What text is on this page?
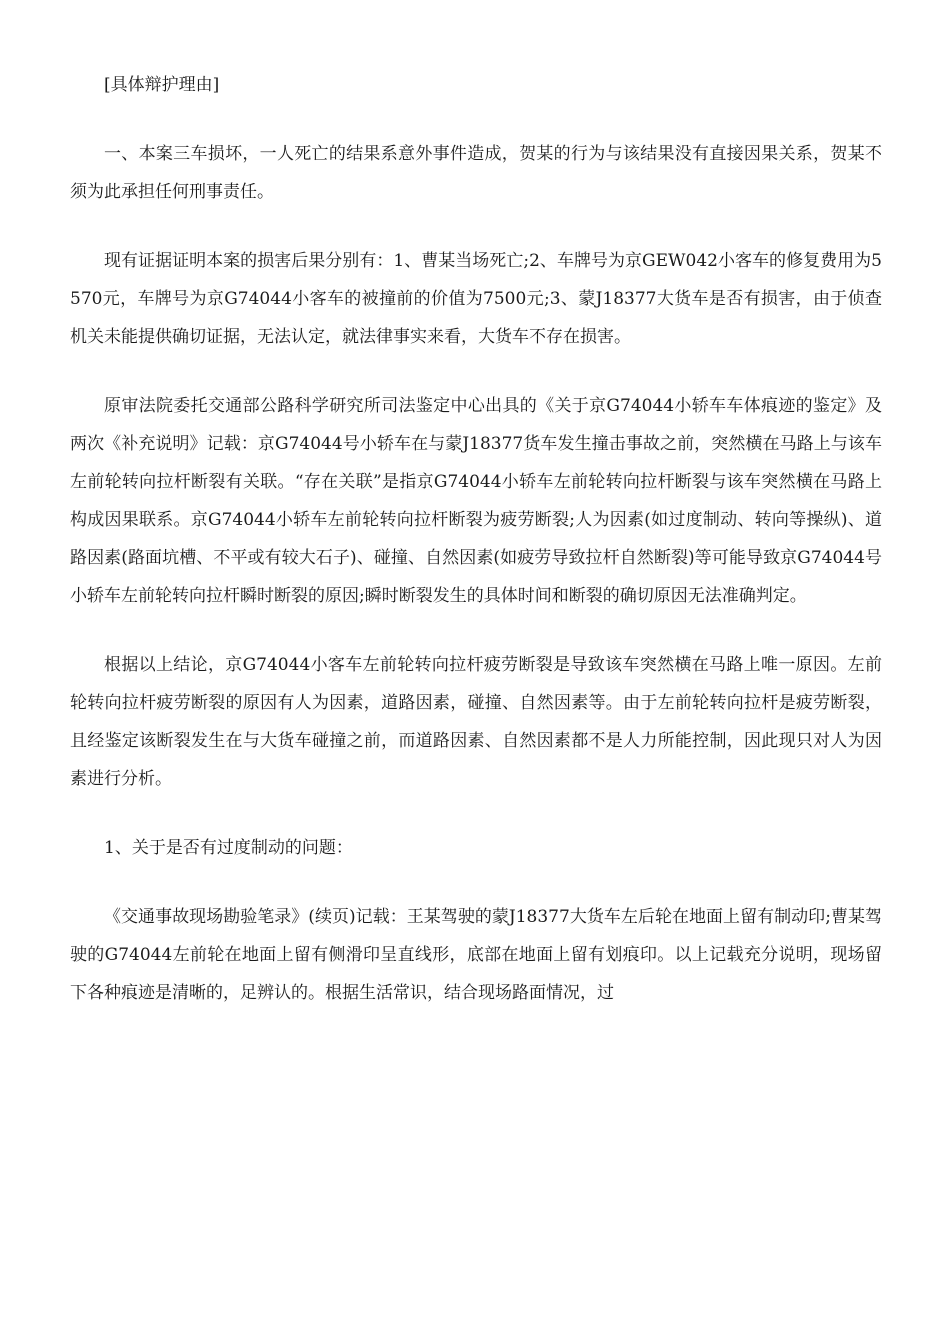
[具体辩护理由]

一、本案三车损坏，一人死亡的结果系意外事件造成，贺某的行为与该结果没有直接因果关系，贺某不须为此承担任何刑事责任。

现有证据证明本案的损害后果分别有：1、曹某当场死亡;2、车牌号为京GEW042小客车的修复费用为5570元，车牌号为京G74044小客车的被撞前的价值为7500元;3、蒙J18377大货车是否有损害，由于侦查机关未能提供确切证据，无法认定，就法律事实来看，大货车不存在损害。

原审法院委托交通部公路科学研究所司法鉴定中心出具的《关于京G74044小轿车车体痕迹的鉴定》及两次《补充说明》记载：京G74044号小轿车在与蒙J18377货车发生撞击事故之前，突然横在马路上与该车左前轮转向拉杆断裂有关联。“存在关联”是指京G74044小轿车左前轮转向拉杆断裂与该车突然横在马路上构成因果联系。京G74044小轿车左前轮转向拉杆断裂为疲劳断裂;人为因素(如过度制动、转向等操纵)、道路因素(路面坑槽、不平或有较大石子)、碰撞、自然因素(如疲劳导致拉杆自然断裂)等可能导致京G74044号小轿车左前轮转向拉杆瞬时断裂的原因;瞬时断裂发生的具体时间和断裂的确切原因无法准确判定。

根据以上结论，京G74044小客车左前轮转向拉杆疲劳断裂是导致该车突然横在马路上唯一原因。左前轮转向拉杆疲劳断裂的原因有人为因素，道路因素，碰撞、自然因素等。由于左前轮转向拉杆是疲劳断裂，且经鉴定该断裂发生在与大货车碰撞之前，而道路因素、自然因素都不是人力所能控制，因此现只对人为因素进行分析。

1、关于是否有过度制动的问题：

《交通事故现场勘验笔录》(续页)记载：王某驾驶的蒙J18377大货车左后轮在地面上留有制动印;曹某驾驶的G74044左前轮在地面上留有侧滑印呈直线形，底部在地面上留有划痕印。以上记载充分说明，现场留下各种痕迹是清晰的，足辨认的。根据生活常识，结合现场路面情况，过
